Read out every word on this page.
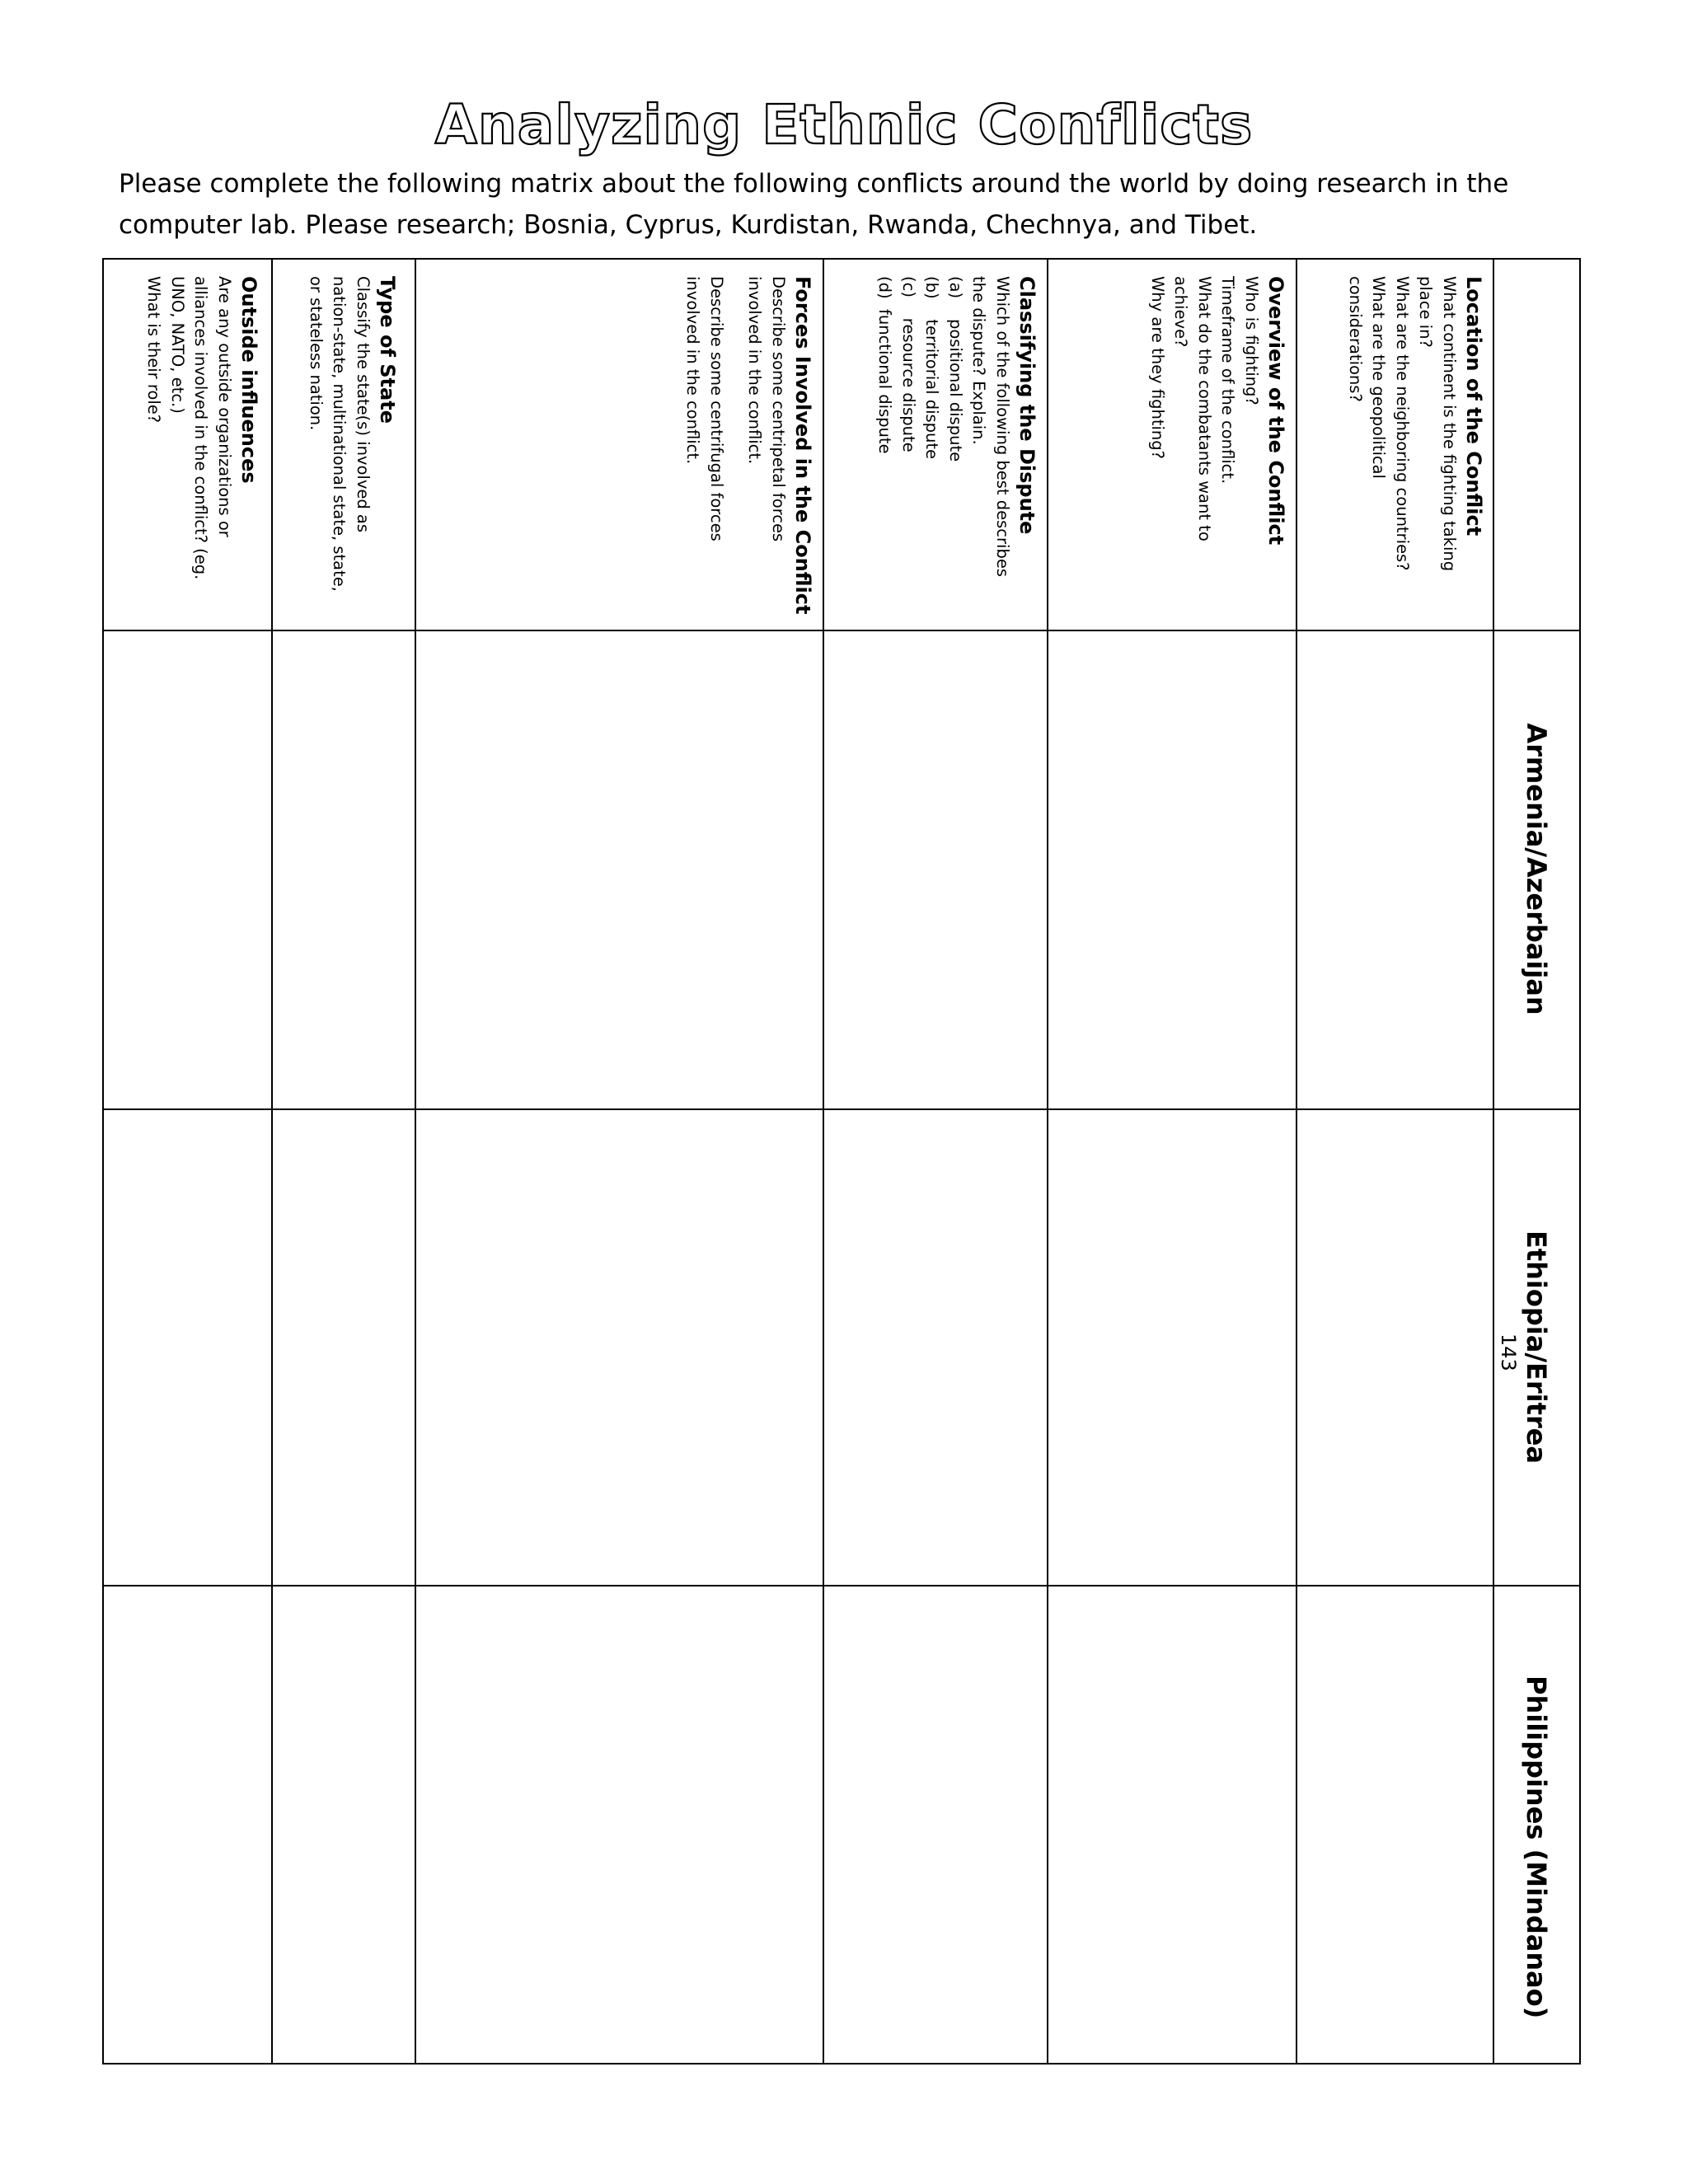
Analyzing Ethnic Conflicts
Please complete the following matrix about the following conflicts around the world by doing research in the computer lab. Please research; Bosnia, Cyprus, Kurdistan, Rwanda, Chechnya, and Tibet.
Armenia/Azerbaijan
Ethiopia/Eritrea
Philippines (Mindanao)
143
Location of the Conflict
What continent is the fighting taking
place in?
What are the neighboring countries?
What are the geopolitical
considerations?
Overview of the Conflict
Who is fighting?
Timeframe of the conflict.
What do the combatants want to
achieve?
Why are they fighting?
Classifying the Dispute
Which of the following best describes
the dispute? Explain.
(a)    positional dispute
(b)    territorial dispute
(c)    resource dispute
(d)  functional dispute
Forces Involved in the Conflict
Describe some centripetal forces
involved in the conflict.
Describe some centrifugal forces
involved in the conflict.
Type of State
Classify the state(s) involved as
nation-state, multinational state, state,
or stateless nation.
Outside influences
Are any outside organizations or
alliances involved in the conflict? (eg.
UNO, NATO, etc.)
What is their role?
